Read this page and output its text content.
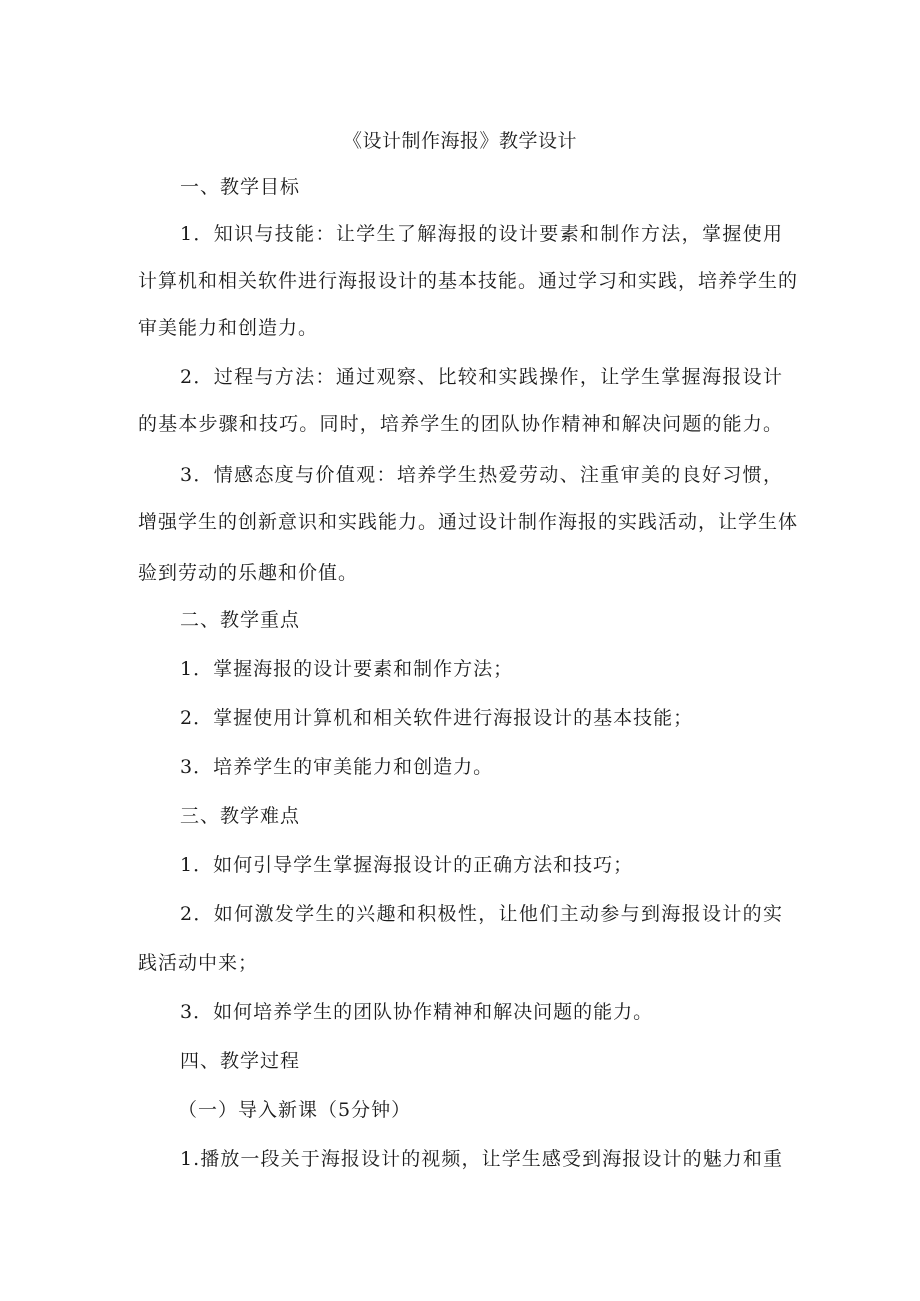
《设计制作海报》教学设计
一、教学目标
1．知识与技能：让学生了解海报的设计要素和制作方法，掌握使用
计算机和相关软件进行海报设计的基本技能。通过学习和实践，培养学生的
审美能力和创造力。
2．过程与方法：通过观察、比较和实践操作，让学生掌握海报设计
的基本步骤和技巧。同时，培养学生的团队协作精神和解决问题的能力。
3．情感态度与价值观：培养学生热爱劳动、注重审美的良好习惯，
增强学生的创新意识和实践能力。通过设计制作海报的实践活动，让学生体
验到劳动的乐趣和价值。
二、教学重点
1．掌握海报的设计要素和制作方法；
2．掌握使用计算机和相关软件进行海报设计的基本技能；
3．培养学生的审美能力和创造力。
三、教学难点
1．如何引导学生掌握海报设计的正确方法和技巧；
2．如何激发学生的兴趣和积极性，让他们主动参与到海报设计的实
践活动中来；
3．如何培养学生的团队协作精神和解决问题的能力。
四、教学过程
（一）导入新课（5分钟）
1.播放一段关于海报设计的视频，让学生感受到海报设计的魅力和重
